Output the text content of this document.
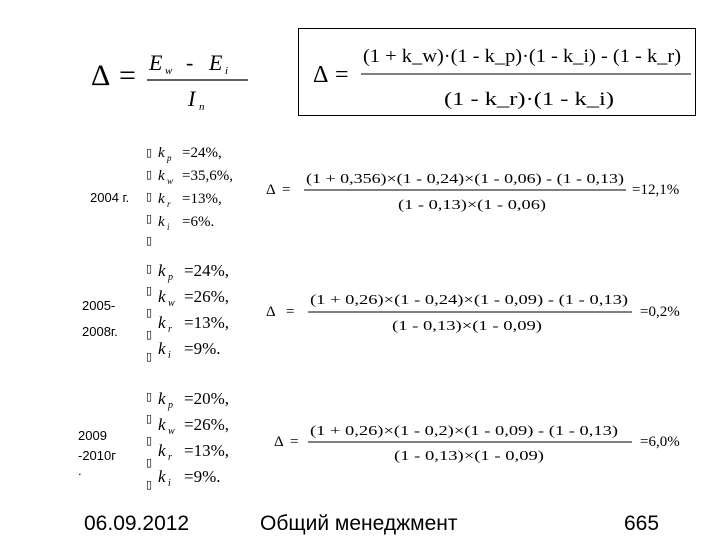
Δ = E w - E i
I n
Δ =
(1 + k_w)·(1 - k_p)·(1 - k_i) - (1 - k_r)
(1 - k_r)·(1 - k_i)
2004 г.
▯

▯

▯

▯

▯
k p =24%,
k w =35,6%,
k r =13%,
k i =6%.
Δ =
(1 + 0,356)×(1 - 0,24)×(1 - 0,06) - (1 - 0,13)
(1 - 0,13)×(1 - 0,06)
=12,1%
2005-
2008г.
▯

▯

▯

▯

▯
k p =24%,
k w =26%,
k r =13%,
k i =9%.
Δ =
(1 + 0,26)×(1 - 0,24)×(1 - 0,09) - (1 - 0,13)
(1 - 0,13)×(1 - 0,09)
=0,2%
2009
-2010г
.
▯

▯

▯

▯

▯
k p =20%,
k w =26%,
k r =13%,
k i =9%.
Δ =
(1 + 0,26)×(1 - 0,2)×(1 - 0,09) - (1 - 0,13)
(1 - 0,13)×(1 - 0,09)
=6,0%
06.09.2012	Общий менеджмент	665
